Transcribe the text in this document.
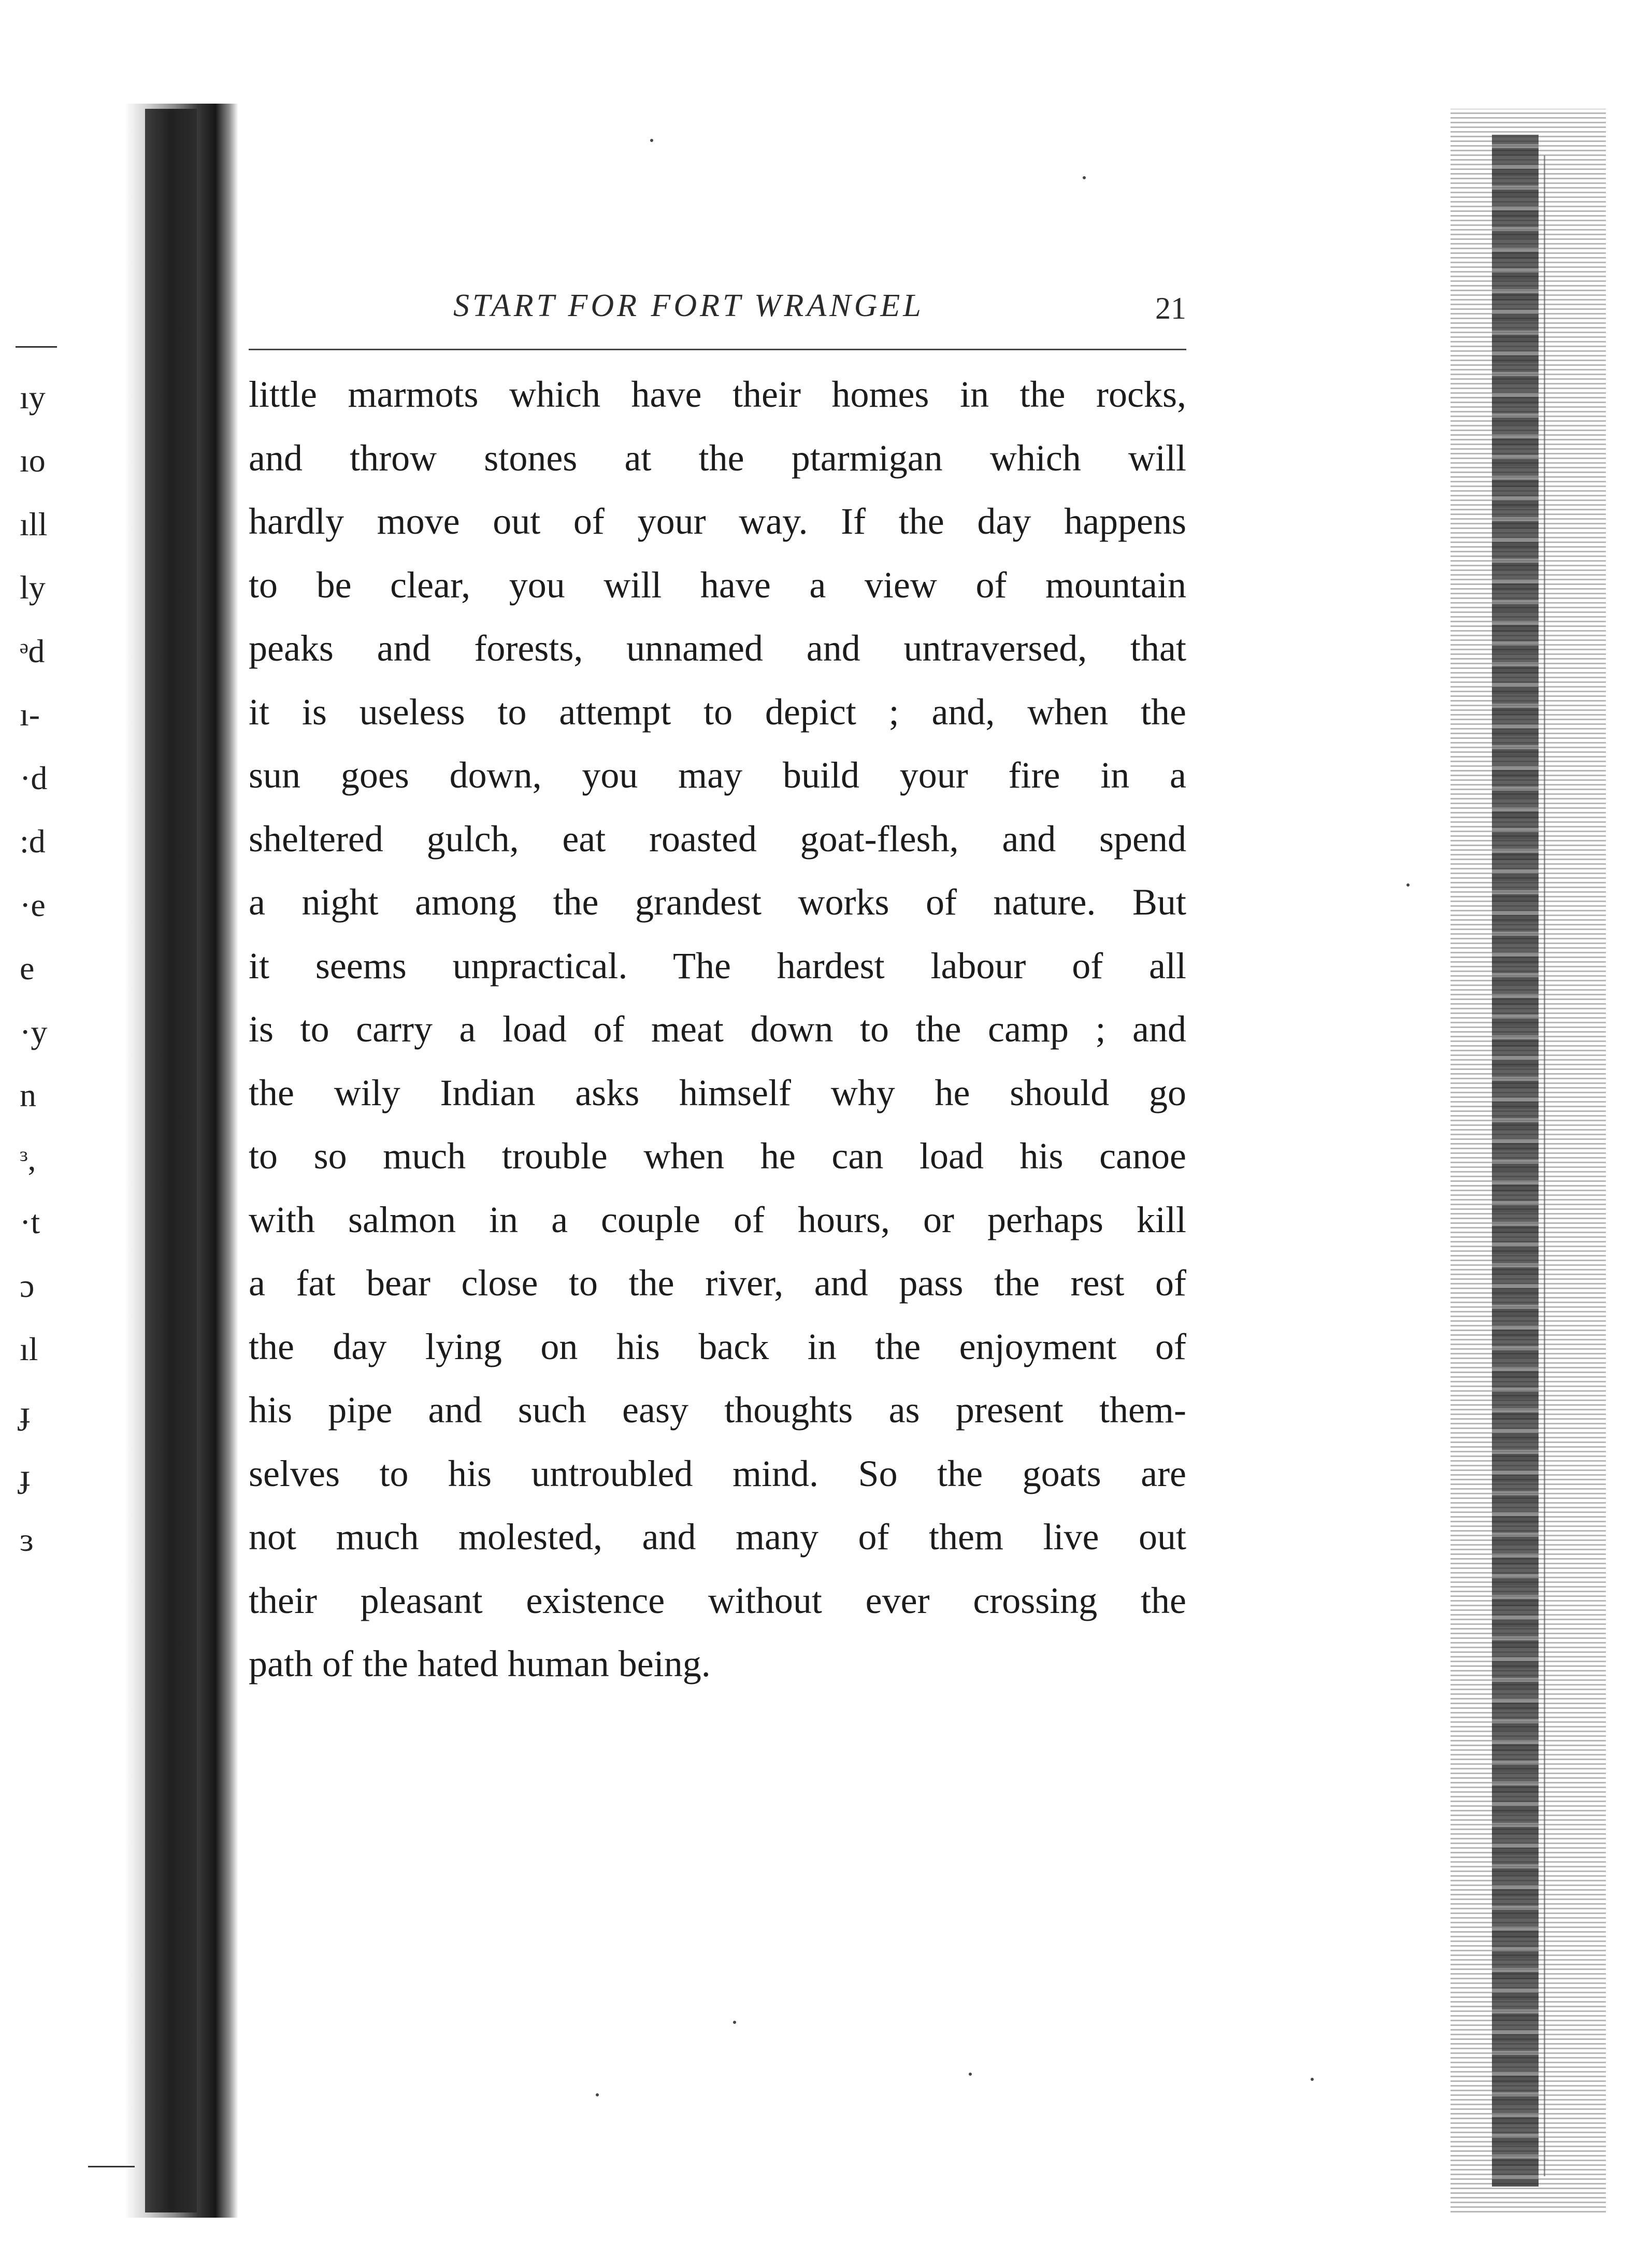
ıy
ıo
ıll
ly
ᵊd
ı-
·d
:d
·e
e
·y
n
ᵌ,
·t
ɔ
ıl
ɟ
ɟ
ɜ
START FOR FORT WRANGEL	21
little marmots which have their homes in the rocks,
and throw stones at the ptarmigan which will
hardly move out of your way. If the day happens
to be clear, you will have a view of mountain
peaks and forests, unnamed and untraversed, that
it is useless to attempt to depict ; and, when the
sun goes down, you may build your fire in a
sheltered gulch, eat roasted goat-flesh, and spend
a night among the grandest works of nature. But
it seems unpractical. The hardest labour of all
is to carry a load of meat down to the camp ; and
the wily Indian asks himself why he should go
to so much trouble when he can load his canoe
with salmon in a couple of hours, or perhaps kill
a fat bear close to the river, and pass the rest of
the day lying on his back in the enjoyment of
his pipe and such easy thoughts as present them-
selves to his untroubled mind. So the goats are
not much molested, and many of them live out
their pleasant existence without ever crossing the
path of the hated human being.
